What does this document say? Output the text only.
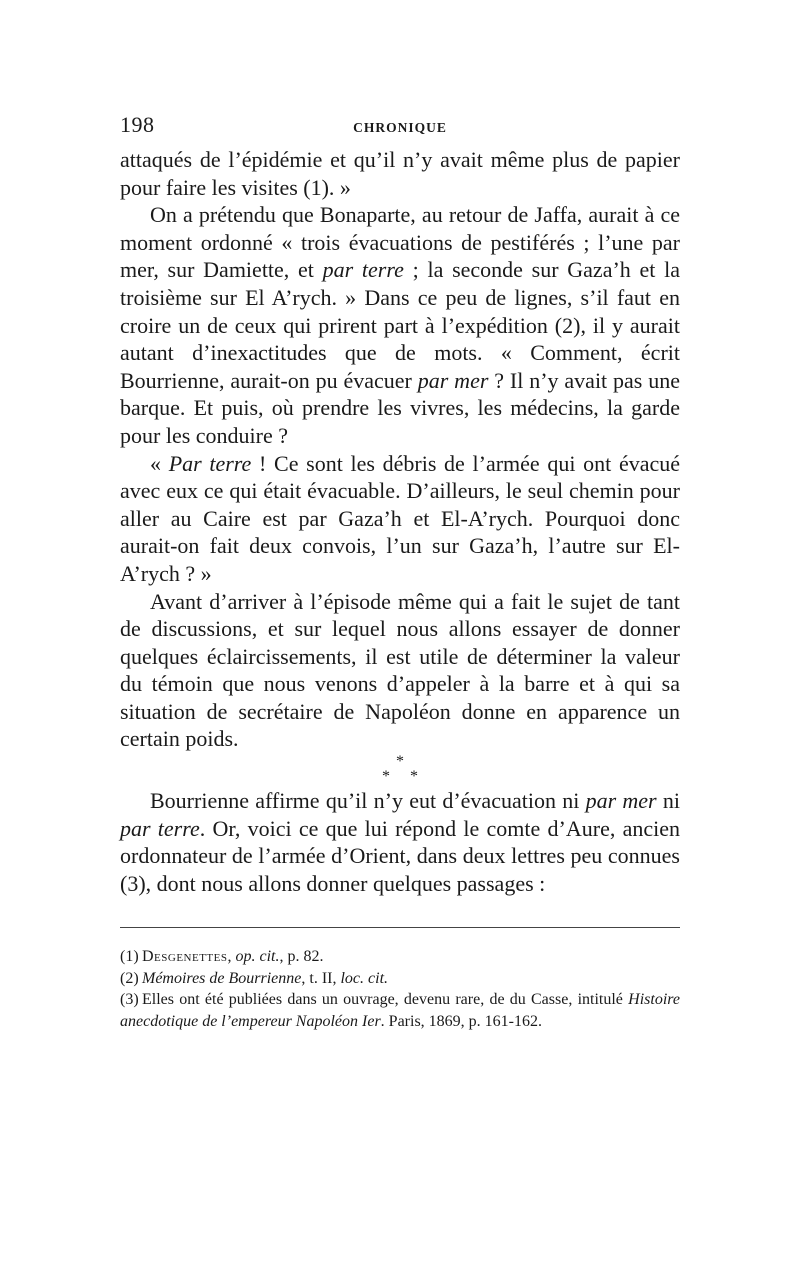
198	CHRONIQUE

attaqués de l’épidémie et qu’il n’y avait même plus de papier pour faire les visites (1). »

On a prétendu que Bonaparte, au retour de Jaffa, aurait à ce moment ordonné « trois évacuations de pestiférés ; l’une par mer, sur Damiette, et par terre ; la seconde sur Gaza’h et la troisième sur El A’rych. » Dans ce peu de lignes, s’il faut en croire un de ceux qui prirent part à l’expédition (2), il y aurait autant d’inexactitudes que de mots. « Comment, écrit Bourrienne, aurait-on pu évacuer par mer ? Il n’y avait pas une barque. Et puis, où prendre les vivres, les médecins, la garde pour les conduire ?

« Par terre ! Ce sont les débris de l’armée qui ont évacué avec eux ce qui était évacuable. D’ailleurs, le seul chemin pour aller au Caire est par Gaza’h et El-A’rych. Pourquoi donc aurait-on fait deux convois, l’un sur Gaza’h, l’autre sur El-A’rych ? »

Avant d’arriver à l’épisode même qui a fait le sujet de tant de discussions, et sur lequel nous allons essayer de donner quelques éclaircissements, il est utile de déterminer la valeur du témoin que nous venons d’appeler à la barre et à qui sa situation de secrétaire de Napoléon donne en apparence un certain poids.

*
* *

Bourrienne affirme qu’il n’y eut d’évacuation ni par mer ni par terre. Or, voici ce que lui répond le comte d’Aure, ancien ordonnateur de l’armée d’Orient, dans deux lettres peu connues (3), dont nous allons donner quelques passages :

(1) Desgenettes, op. cit., p. 82.

(2) Mémoires de Bourrienne, t. II, loc. cit.

(3) Elles ont été publiées dans un ouvrage, devenu rare, de du Casse, intitulé Histoire anecdotique de l’empereur Napoléon Ier. Paris, 1869, p. 161-162.
